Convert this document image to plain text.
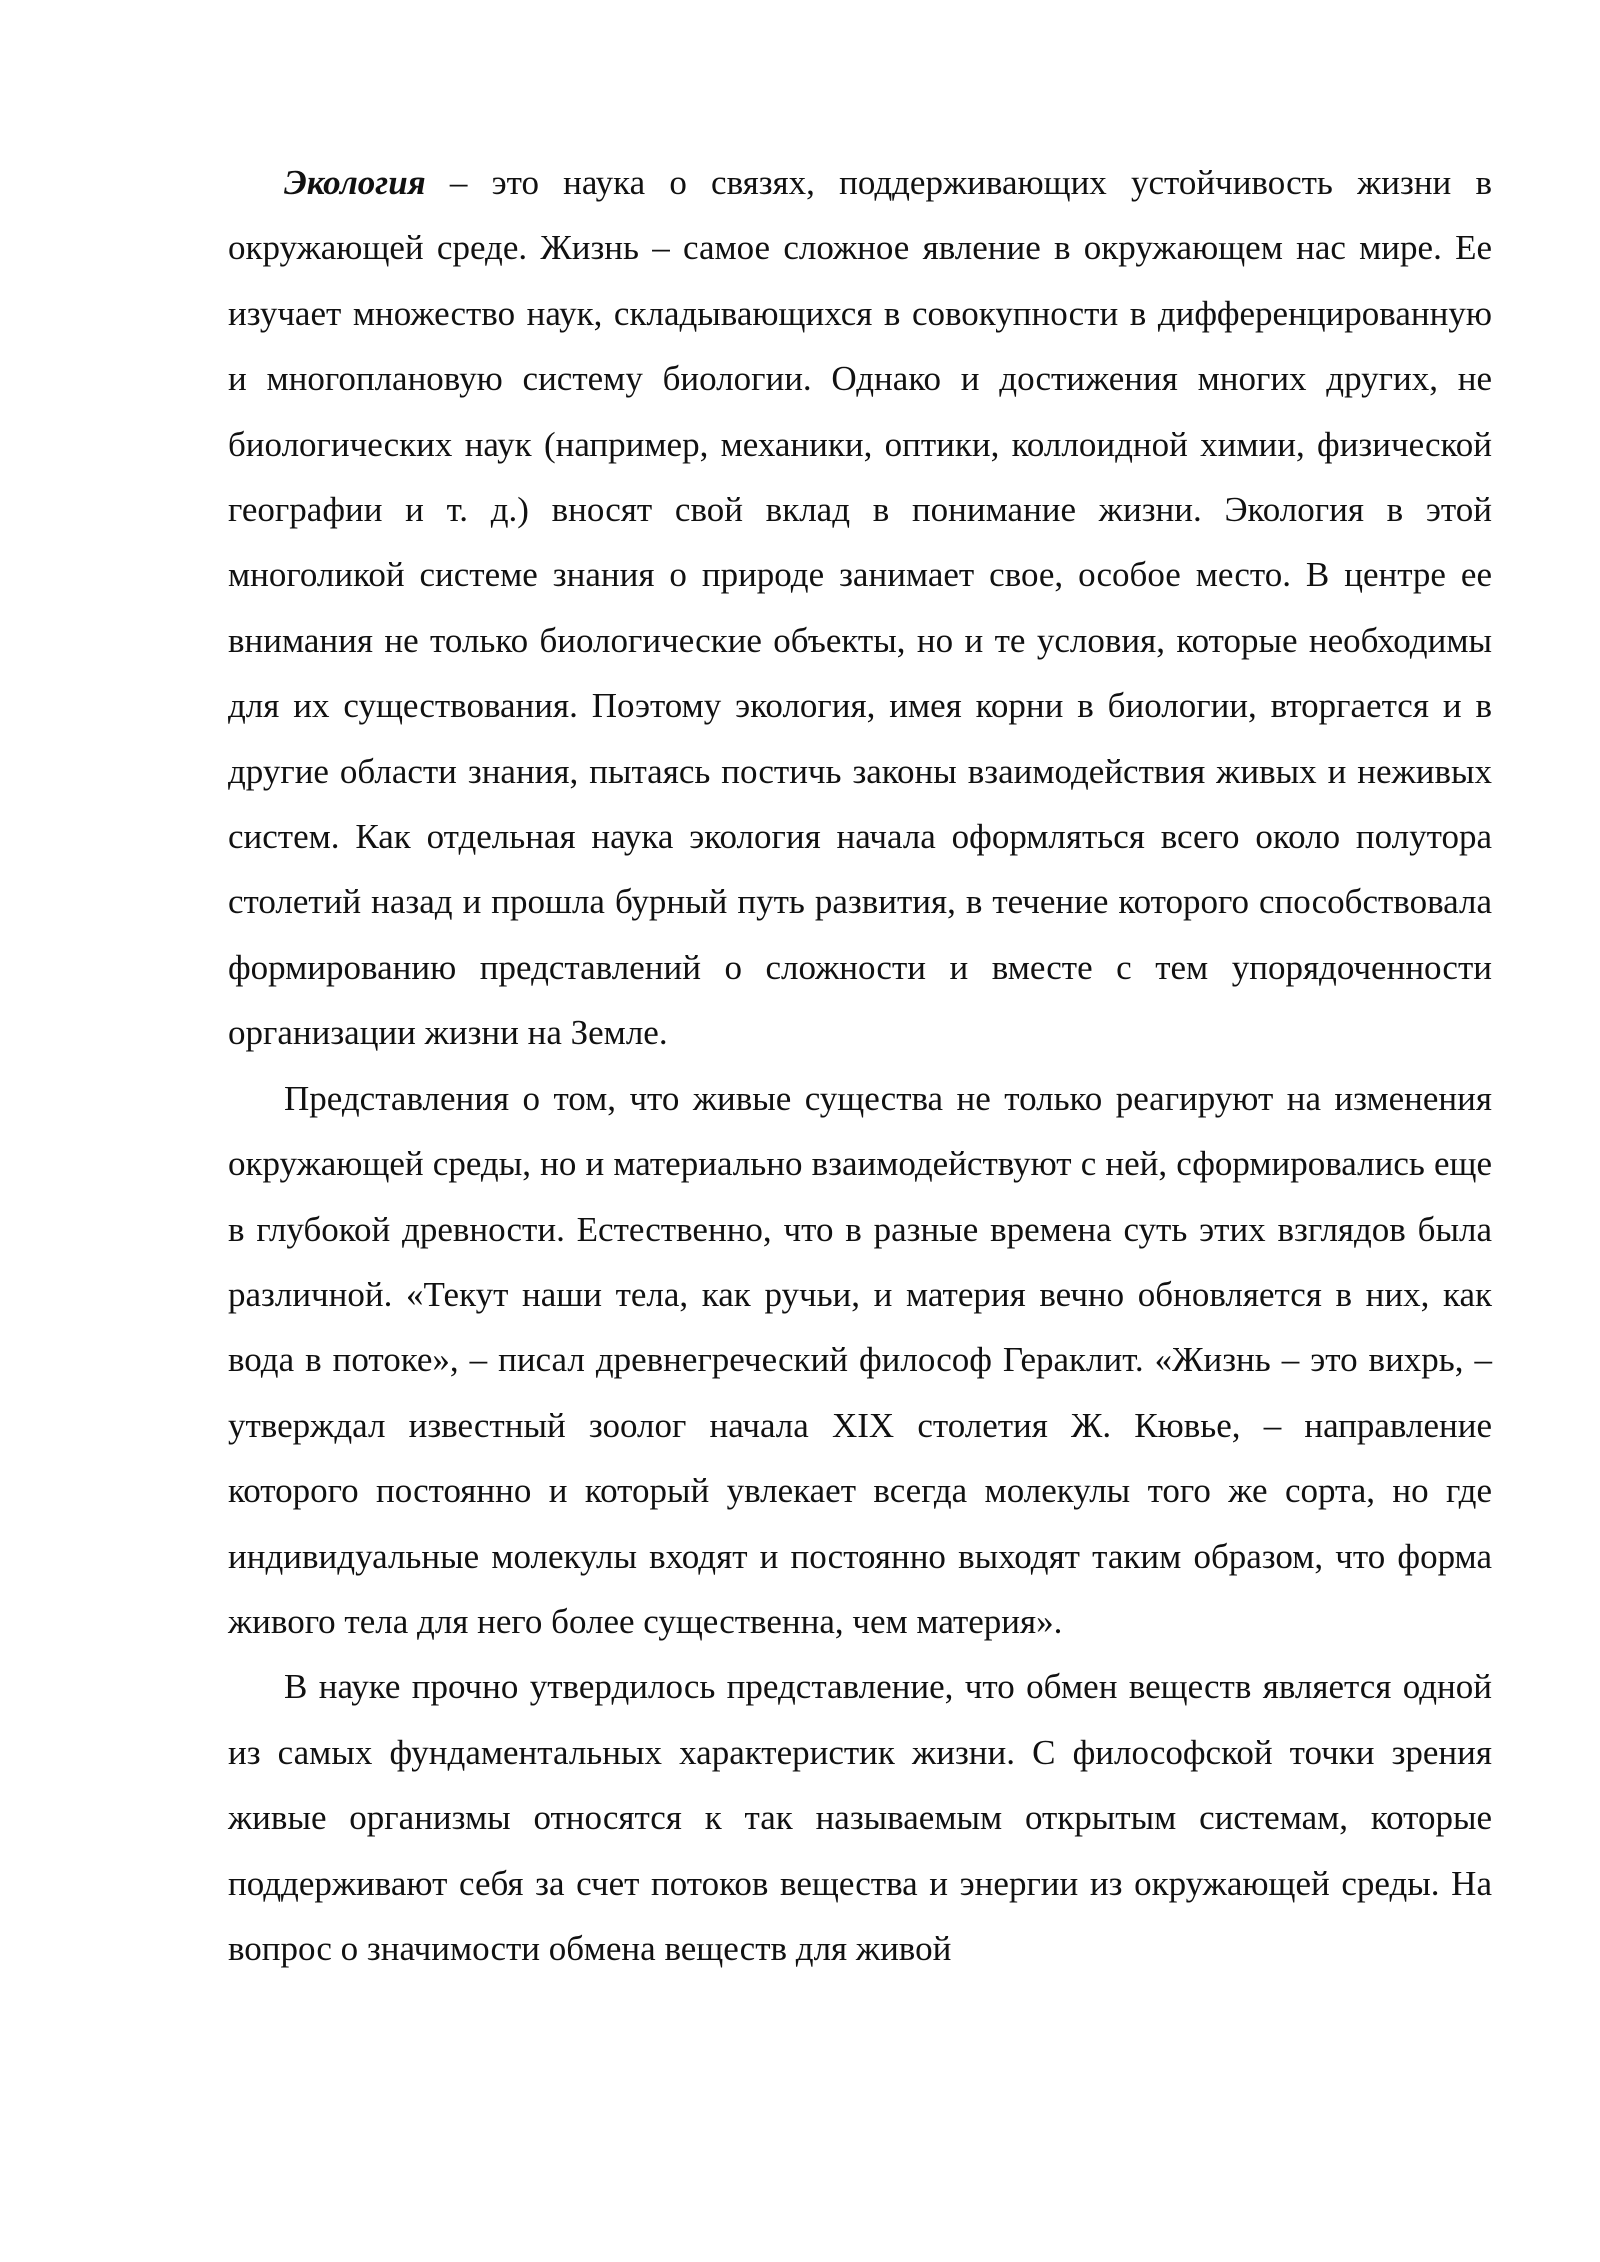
Экология – это наука о связях, поддерживающих устойчивость жизни в окружающей среде. Жизнь – самое сложное явление в окружающем нас мире. Ее изучает множество наук, складывающихся в совокупности в дифференцированную и многоплановую систему биологии. Однако и достижения многих других, не биологических наук (например, механики, оптики, коллоидной химии, физической географии и т. д.) вносят свой вклад в понимание жизни. Экология в этой многоликой системе знания о природе занимает свое, особое место. В центре ее внимания не только биологические объекты, но и те условия, которые необходимы для их существования. Поэтому экология, имея корни в биологии, вторгается и в другие области знания, пытаясь постичь законы взаимодействия живых и неживых систем. Как отдельная наука экология начала оформляться всего около полутора столетий назад и прошла бурный путь развития, в течение которого способствовала формированию представлений о сложности и вместе с тем упорядоченности организации жизни на Земле.

Представления о том, что живые существа не только реагируют на изменения окружающей среды, но и материально взаимодействуют с ней, сформировались еще в глубокой древности. Естественно, что в разные времена суть этих взглядов была различной. «Текут наши тела, как ручьи, и материя вечно обновляется в них, как вода в потоке», – писал древнегреческий философ Гераклит. «Жизнь – это вихрь, – утверждал известный зоолог начала XIX столетия Ж. Кювье, – направление которого постоянно и который увлекает всегда молекулы того же сорта, но где индивидуальные молекулы входят и постоянно выходят таким образом, что форма живого тела для него более существенна, чем материя».

В науке прочно утвердилось представление, что обмен веществ является одной из самых фундаментальных характеристик жизни. С философской точки зрения живые организмы относятся к так называемым открытым системам, которые поддерживают себя за счет потоков вещества и энергии из окружающей среды. На вопрос о значимости обмена веществ для живой
